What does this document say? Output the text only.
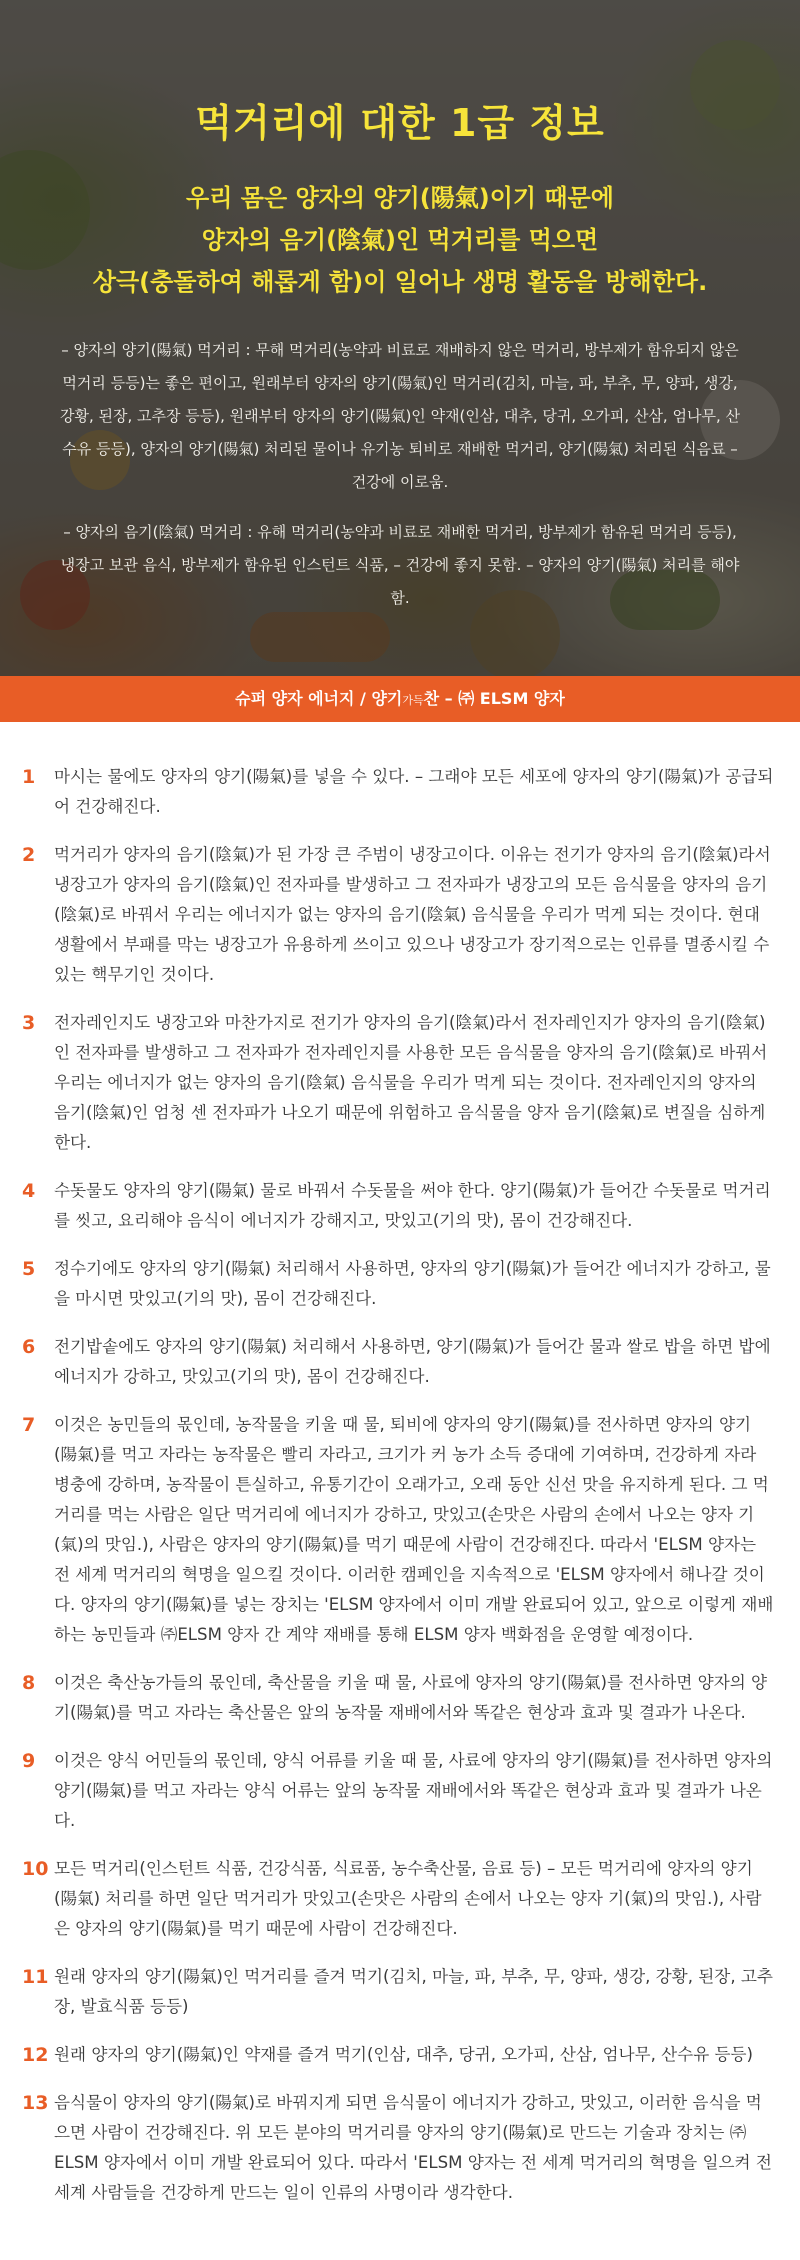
먹거리에 대한 1급 정보
우리 몸은 양자의 양기(陽氣)이기 때문에
양자의 음기(陰氣)인 먹거리를 먹으면
상극(충돌하여 해롭게 함)이 일어나 생명 활동을 방해한다.

– 양자의 양기(陽氣) 먹거리 : 무해 먹거리(농약과 비료로 재배하지 않은 먹거리, 방부제가 함유되지 않은 먹거리 등등)는 좋은 편이고, 원래부터 양자의 양기(陽氣)인 먹거리(김치, 마늘, 파, 부추, 무, 양파, 생강, 강황, 된장, 고추장 등등), 원래부터 양자의 양기(陽氣)인 약재(인삼, 대추, 당귀, 오가피, 산삼, 엄나무, 산수유 등등), 양자의 양기(陽氣) 처리된 물이나 유기농 퇴비로 재배한 먹거리, 양기(陽氣) 처리된 식음료 – 건강에 이로움.

– 양자의 음기(陰氣) 먹거리 : 유해 먹거리(농약과 비료로 재배한 먹거리, 방부제가 함유된 먹거리 등등), 냉장고 보관 음식, 방부제가 함유된 인스턴트 식품, – 건강에 좋지 못함. – 양자의 양기(陽氣) 처리를 해야 함.

슈퍼 양자 에너지 / 양기가득찬 – ㈜ ELSM 양자
1	마시는 물에도 양자의 양기(陽氣)를 넣을 수 있다. – 그래야 모든 세포에 양자의 양기(陽氣)가 공급되어 건강해진다.
2	먹거리가 양자의 음기(陰氣)가 된 가장 큰 주범이 냉장고이다. 이유는 전기가 양자의 음기(陰氣)라서 냉장고가 양자의 음기(陰氣)인 전자파를 발생하고 그 전자파가 냉장고의 모든 음식물을 양자의 음기(陰氣)로 바꿔서 우리는 에너지가 없는 양자의 음기(陰氣) 음식물을 우리가 먹게 되는 것이다. 현대 생활에서 부패를 막는 냉장고가 유용하게 쓰이고 있으나 냉장고가 장기적으로는 인류를 멸종시킬 수 있는 핵무기인 것이다.
3	전자레인지도 냉장고와 마찬가지로 전기가 양자의 음기(陰氣)라서 전자레인지가 양자의 음기(陰氣)인 전자파를 발생하고 그 전자파가 전자레인지를 사용한 모든 음식물을 양자의 음기(陰氣)로 바꿔서 우리는 에너지가 없는 양자의 음기(陰氣) 음식물을 우리가 먹게 되는 것이다. 전자레인지의 양자의 음기(陰氣)인 엄청 센 전자파가 나오기 때문에 위험하고 음식물을 양자 음기(陰氣)로 변질을 심하게 한다.
4	수돗물도 양자의 양기(陽氣) 물로 바꿔서 수돗물을 써야 한다. 양기(陽氣)가 들어간 수돗물로 먹거리를 씻고, 요리해야 음식이 에너지가 강해지고, 맛있고(기의 맛), 몸이 건강해진다.
5	정수기에도 양자의 양기(陽氣) 처리해서 사용하면, 양자의 양기(陽氣)가 들어간 에너지가 강하고, 물을 마시면 맛있고(기의 맛), 몸이 건강해진다.
6	전기밥솥에도 양자의 양기(陽氣) 처리해서 사용하면, 양기(陽氣)가 들어간 물과 쌀로 밥을 하면 밥에 에너지가 강하고, 맛있고(기의 맛), 몸이 건강해진다.
7	이것은 농민들의 몫인데, 농작물을 키울 때 물, 퇴비에 양자의 양기(陽氣)를 전사하면 양자의 양기(陽氣)를 먹고 자라는 농작물은 빨리 자라고, 크기가 커 농가 소득 증대에 기여하며, 건강하게 자라 병충에 강하며, 농작물이 튼실하고, 유통기간이 오래가고, 오래 동안 신선 맛을 유지하게 된다. 그 먹거리를 먹는 사람은 일단 먹거리에 에너지가 강하고, 맛있고(손맛은 사람의 손에서 나오는 양자 기(氣)의 맛임.), 사람은 양자의 양기(陽氣)를 먹기 때문에 사람이 건강해진다. 따라서 'ELSM 양자는 전 세계 먹거리의 혁명을 일으킬 것이다. 이러한 캠페인을 지속적으로 'ELSM 양자에서 해나갈 것이다. 양자의 양기(陽氣)를 넣는 장치는 'ELSM 양자에서 이미 개발 완료되어 있고, 앞으로 이렇게 재배하는 농민들과 ㈜ELSM 양자 간 계약 재배를 통해 ELSM 양자 백화점을 운영할 예정이다.
8	이것은 축산농가들의 몫인데, 축산물을 키울 때 물, 사료에 양자의 양기(陽氣)를 전사하면 양자의 양기(陽氣)를 먹고 자라는 축산물은 앞의 농작물 재배에서와 똑같은 현상과 효과 및 결과가 나온다.
9	이것은 양식 어민들의 몫인데, 양식 어류를 키울 때 물, 사료에 양자의 양기(陽氣)를 전사하면 양자의 양기(陽氣)를 먹고 자라는 양식 어류는 앞의 농작물 재배에서와 똑같은 현상과 효과 및 결과가 나온다.
10 모든 먹거리(인스턴트 식품, 건강식품, 식료품, 농수축산물, 음료 등) – 모든 먹거리에 양자의 양기(陽氣) 처리를 하면 일단 먹거리가 맛있고(손맛은 사람의 손에서 나오는 양자 기(氣)의 맛임.), 사람은 양자의 양기(陽氣)를 먹기 때문에 사람이 건강해진다.
11 원래 양자의 양기(陽氣)인 먹거리를 즐겨 먹기(김치, 마늘, 파, 부추, 무, 양파, 생강, 강황, 된장, 고추장, 발효식품 등등)
12 원래 양자의 양기(陽氣)인 약재를 즐겨 먹기(인삼, 대추, 당귀, 오가피, 산삼, 엄나무, 산수유 등등)
13 음식물이 양자의 양기(陽氣)로 바꿔지게 되면 음식물이 에너지가 강하고, 맛있고, 이러한 음식을 먹으면 사람이 건강해진다. 위 모든 분야의 먹거리를 양자의 양기(陽氣)로 만드는 기술과 장치는 ㈜ELSM 양자에서 이미 개발 완료되어 있다. 따라서 'ELSM 양자는 전 세계 먹거리의 혁명을 일으켜 전세계 사람들을 건강하게 만드는 일이 인류의 사명이라 생각한다.
